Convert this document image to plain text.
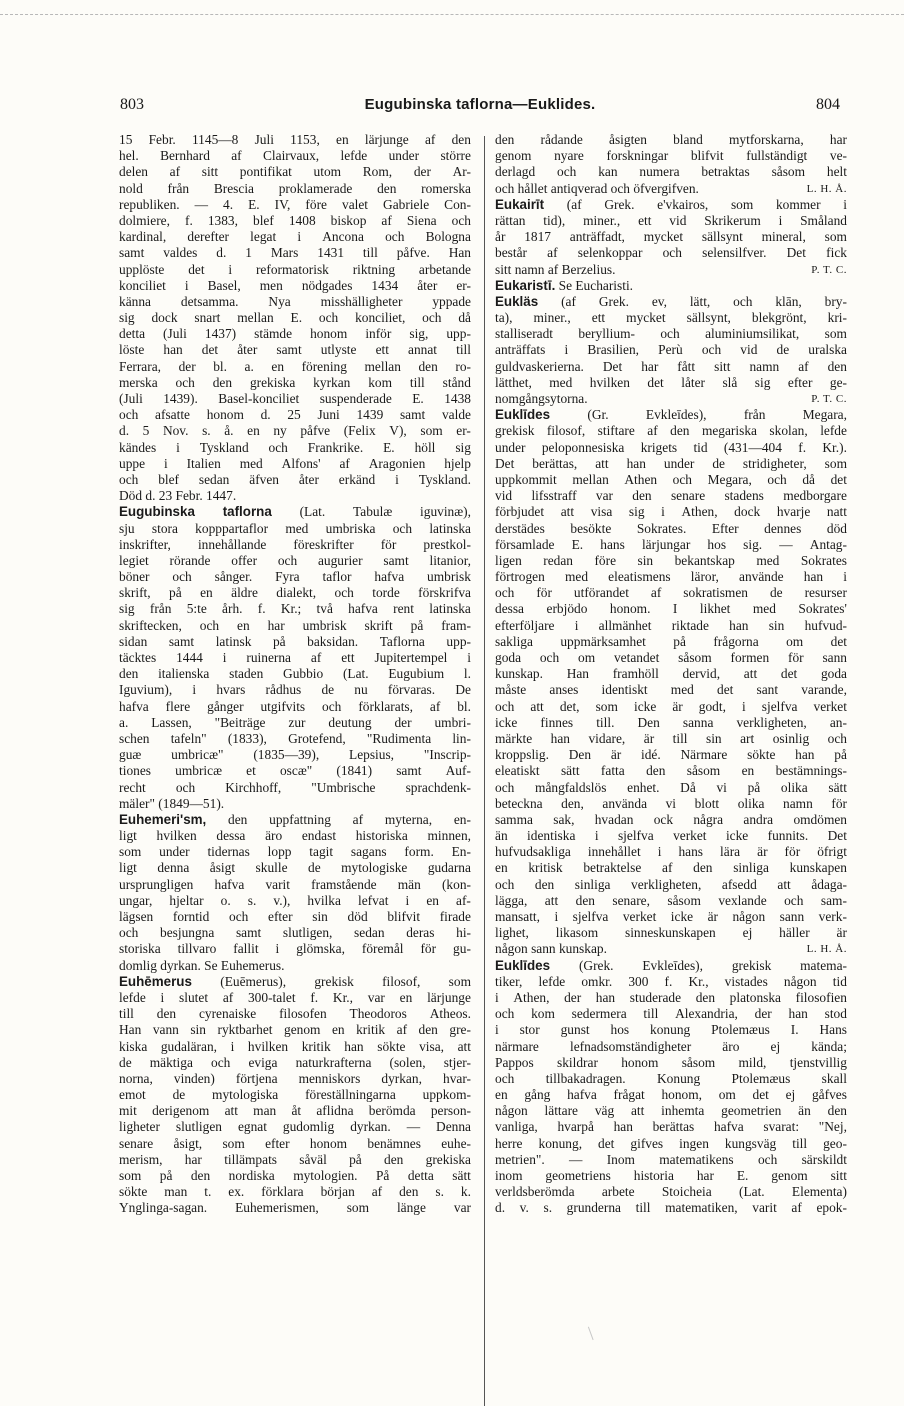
803	Eugubinska taflorna—Euklides.	804
15 Febr. 1145—8 Juli 1153, en lärjunge af den
hel. Bernhard af Clairvaux, lefde under större
delen af sitt pontifikat utom Rom, der Ar-
nold från Brescia proklamerade den romerska
republiken. — 4. E. IV, före valet Gabriele Con-
dolmiere, f. 1383, blef 1408 biskop af Siena och
kardinal, derefter legat i Ancona och Bologna
samt valdes d. 1 Mars 1431 till påfve. Han
upplöste det i reformatorisk riktning arbetande
konciliet i Basel, men nödgades 1434 åter er-
känna detsamma. Nya misshälligheter yppade
sig dock snart mellan E. och konciliet, och då
detta (Juli 1437) stämde honom inför sig, upp-
löste han det åter samt utlyste ett annat till
Ferrara, der bl. a. en förening mellan den ro-
merska och den grekiska kyrkan kom till stånd
(Juli 1439). Basel-konciliet suspenderade E. 1438
och afsatte honom d. 25 Juni 1439 samt valde
d. 5 Nov. s. å. en ny påfve (Felix V), som er-
kändes i Tyskland och Frankrike. E. höll sig
uppe i Italien med Alfons' af Aragonien hjelp
och blef sedan äfven åter erkänd i Tyskland.
Död d. 23 Febr. 1447.
Eugubinska taflorna (Lat. Tabulæ iguvinæ),
sju stora kopppartaflor med umbriska och latinska
inskrifter, innehållande föreskrifter för prestkol-
legiet rörande offer och augurier samt litanior,
böner och sånger. Fyra taflor hafva umbrisk
skrift, på en äldre dialekt, och torde förskrifva
sig från 5:te årh. f. Kr.; två hafva rent latinska
skriftecken, och en har umbrisk skrift på fram-
sidan samt latinsk på baksidan. Taflorna upp-
täcktes 1444 i ruinerna af ett Jupitertempel i
den italienska staden Gubbio (Lat. Eugubium l.
Iguvium), i hvars rådhus de nu förvaras. De
hafva flere gånger utgifvits och förklarats, af bl.
a. Lassen, "Beiträge zur deutung der umbri-
schen tafeln" (1833), Grotefend, "Rudimenta lin-
guæ umbricæ" (1835—39), Lepsius, "Inscrip-
tiones umbricæ et oscæ" (1841) samt Auf-
recht och Kirchhoff, "Umbrische sprachdenk-
mäler" (1849—51).
Euhemeri'sm, den uppfattning af myterna, en-
ligt hvilken dessa äro endast historiska minnen,
som under tidernas lopp tagit sagans form. En-
ligt denna åsigt skulle de mytologiske gudarna
ursprungligen hafva varit framstående män (kon-
ungar, hjeltar o. s. v.), hvilka lefvat i en af-
lägsen forntid och efter sin död blifvit firade
och besjungna samt slutligen, sedan deras hi-
storiska tillvaro fallit i glömska, föremål för gu-
domlig dyrkan. Se Euhemerus.
Euhēmerus (Euēmerus), grekisk filosof, som
lefde i slutet af 300-talet f. Kr., var en lärjunge
till den cyrenaiske filosofen Theodoros Atheos.
Han vann sin ryktbarhet genom en kritik af den gre-
kiska gudaläran, i hvilken kritik han sökte visa, att
de mäktiga och eviga naturkrafterna (solen, stjer-
norna, vinden) förtjena menniskors dyrkan, hvar-
emot de mytologiska föreställningarna uppkom-
mit derigenom att man åt aflidna berömda person-
ligheter slutligen egnat gudomlig dyrkan. — Denna
senare åsigt, som efter honom benämnes euhe-
merism, har tillämpats såväl på den grekiska
som på den nordiska mytologien. På detta sätt
sökte man t. ex. förklara början af den s. k.
Ynglinga-sagan. Euhemerismen, som länge var
den rådande åsigten bland mytforskarna, har
genom nyare forskningar blifvit fullständigt ve-
derlagd och kan numera betraktas såsom helt
och hållet antiqverad och öfvergifven.	L. H. Å.
Eukairīt (af Grek. e'vkairos, som kommer i
rättan tid), miner., ett vid Skrikerum i Småland
år 1817 anträffadt, mycket sällsynt mineral, som
består af selenkoppar och selensilfver. Det fick
sitt namn af Berzelius.	P. T. C.
Eukaristī. Se Eucharisti.
Eukläs (af Grek. ev, lätt, och klān, bry-
ta), miner., ett mycket sällsynt, blekgrönt, kri-
stalliseradt beryllium- och aluminiumsilikat, som
anträffats i Brasilien, Perù och vid de uralska
guldvaskerierna. Det har fått sitt namn af den
lätthet, med hvilken det låter slå sig efter ge-
nomgångsytorna.	P. T. C.
Euklīdes	(Gr.	Evkleīdes),	från	Megara,
grekisk filosof, stiftare af den megariska skolan, lefde
under peloponnesiska krigets tid (431—404 f. Kr.).
Det berättas, att han under de stridigheter, som
uppkommit mellan Athen och Megara, och då det
vid lifsstraff var den senare stadens medborgare
förbjudet att visa sig i Athen, dock hvarje natt
derstädes besökte Sokrates. Efter dennes död
församlade E. hans lärjungar hos sig. — Antag-
ligen redan före sin bekantskap med Sokrates
förtrogen med eleatismens läror, använde han i
och för utförandet af sokratismen de resurser
dessa erbjödo honom. I likhet med Sokrates'
efterföljare i allmänhet riktade han sin hufvud-
sakliga uppmärksamhet på frågorna om det
goda och om vetandet såsom formen för sann
kunskap. Han framhöll dervid, att det goda
måste anses identiskt med det sant varande,
och att det, som icke är godt, i sjelfva verket
icke finnes till. Den sanna verkligheten, an-
märkte han vidare, är till sin art osinlig och
kroppslig. Den är idé. Närmare sökte han på
eleatiskt sätt fatta den såsom en bestämnings-
och mångfaldslös enhet. Då vi på olika sätt
beteckna den, använda vi blott olika namn för
samma sak, hvadan ock några andra omdömen
än identiska i sjelfva verket icke funnits. Det
hufvudsakliga innehållet i hans lära är för öfrigt
en kritisk betraktelse af den sinliga kunskapen
och den sinliga verkligheten, afsedd att ådaga-
lägga, att den senare, såsom vexlande och sam-
mansatt, i sjelfva verket icke är någon sann verk-
lighet, likasom sinneskunskapen ej häller är
någon sann kunskap.	L. H. Å.
Euklīdes (Grek. Evkleīdes), grekisk matema-
tiker, lefde omkr. 300 f. Kr., vistades någon tid
i Athen, der han studerade den platonska filosofien
och kom sedermera till Alexandria, der han stod
i stor gunst hos konung Ptolemæus I. Hans
närmare lefnadsomständigheter äro ej kända;
Pappos skildrar honom såsom mild, tjenstvillig
och tillbakadragen. Konung Ptolemæus skall
en gång hafva frågat honom, om det ej gåfves
någon lättare väg att inhemta geometrien än den
vanliga, hvarpå han berättas hafva svarat: "Nej,
herre konung, det gifves ingen kungsväg till geo-
metrien". — Inom matematikens och särskildt
inom geometriens historia har E. genom sitt
verldsberömda arbete Stoicheia (Lat. Elementa)
d. v. s. grunderna till matematiken, varit af epok-
